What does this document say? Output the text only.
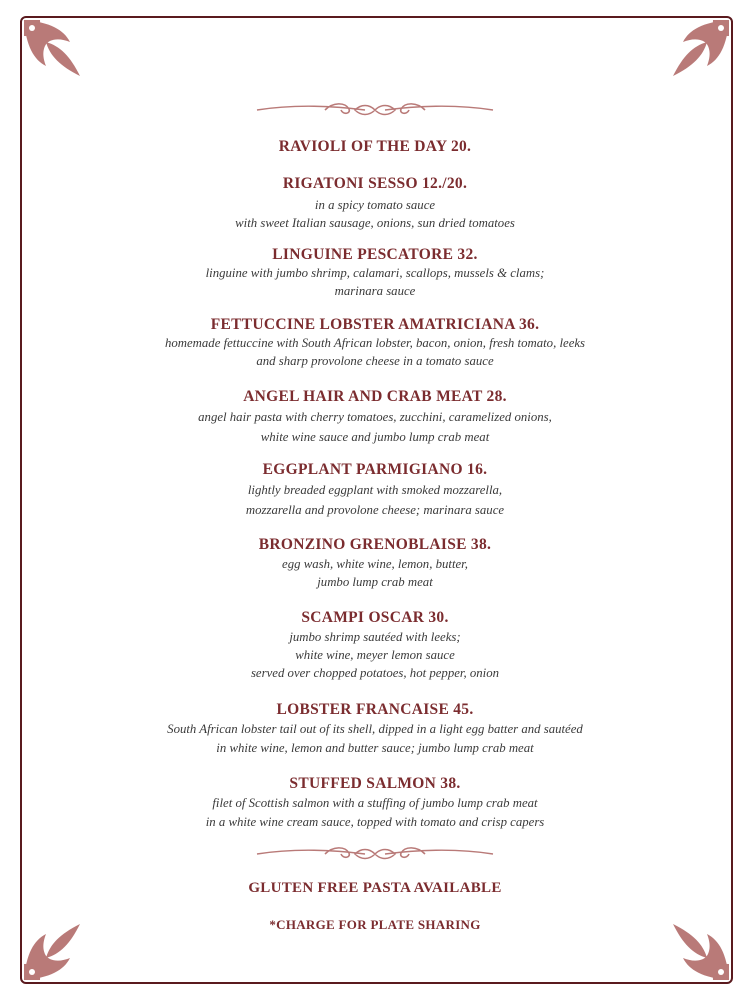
RAVIOLI OF THE DAY 20.

RIGATONI SESSO 12./20.

in a spicy tomato sauce

with sweet Italian sausage, onions, sun dried tomatoes

LINGUINE PESCATORE 32.

linguine with jumbo shrimp, calamari, scallops, mussels & clams;

marinara sauce

FETTUCCINE LOBSTER AMATRICIANA 36.

homemade fettuccine with South African lobster, bacon, onion, fresh tomato, leeks

and sharp provolone cheese in a tomato sauce

ANGEL HAIR AND CRAB MEAT 28.

angel hair pasta with cherry tomatoes, zucchini, caramelized onions,

white wine sauce and jumbo lump crab meat

EGGPLANT PARMIGIANO 16.

lightly breaded eggplant with smoked mozzarella,

mozzarella and provolone cheese; marinara sauce

BRONZINO GRENOBLAISE 38.

egg wash, white wine, lemon, butter,

jumbo lump crab meat

SCAMPI OSCAR 30.

jumbo shrimp sautéed with leeks;

white wine, meyer lemon sauce

served over chopped potatoes, hot pepper, onion

LOBSTER FRANCAISE 45.

South African lobster tail out of its shell, dipped in a light egg batter and sautéed

in white wine, lemon and butter sauce; jumbo lump crab meat

STUFFED SALMON 38.

filet of Scottish salmon with a stuffing of jumbo lump crab meat

in a white wine cream sauce, topped with tomato and crisp capers

GLUTEN FREE PASTA AVAILABLE

*CHARGE FOR PLATE SHARING
